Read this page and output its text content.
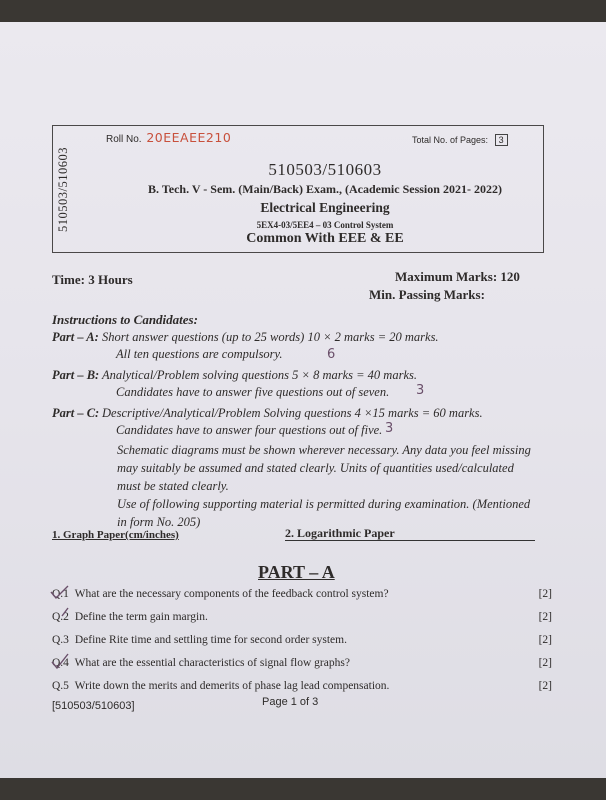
510503/510603
Roll No. 20EEAEE210	Total No. of Pages: 3
510503/510603
B. Tech. V - Sem. (Main/Back) Exam., (Academic Session 2021- 2022)
Electrical Engineering
5EX4-03/5EE4 – 03 Control System
Common With EEE & EE
Time: 3 Hours	Maximum Marks: 120
Min. Passing Marks:
Instructions to Candidates:
Part – A: Short answer questions (up to 25 words) 10 × 2 marks = 20 marks.
All ten questions are compulsory.	6
Part – B: Analytical/Problem solving questions 5 × 8 marks = 40 marks.
Candidates have to answer five questions out of seven. 3
Part – C: Descriptive/Analytical/Problem Solving questions 4 ×15 marks = 60 marks.
Candidates have to answer four questions out of five. 3
Schematic diagrams must be shown wherever necessary. Any data you feel missing may suitably be assumed and stated clearly. Units of quantities used/calculated must be stated clearly.
Use of following supporting material is permitted during examination. (Mentioned in form No. 205)
1. Graph Paper(cm/inches)	2. Logarithmic Paper
PART – A
Q.1 What are the necessary components of the feedback control system?	[2]
Q.2 Define the term gain margin.	[2]
Q.3 Define Rite time and settling time for second order system.	[2]
Q.4 What are the essential characteristics of signal flow graphs?	[2]
Q.5 Write down the merits and demerits of phase lag lead compensation.	[2]
[510503/510603]	Page 1 of 3
